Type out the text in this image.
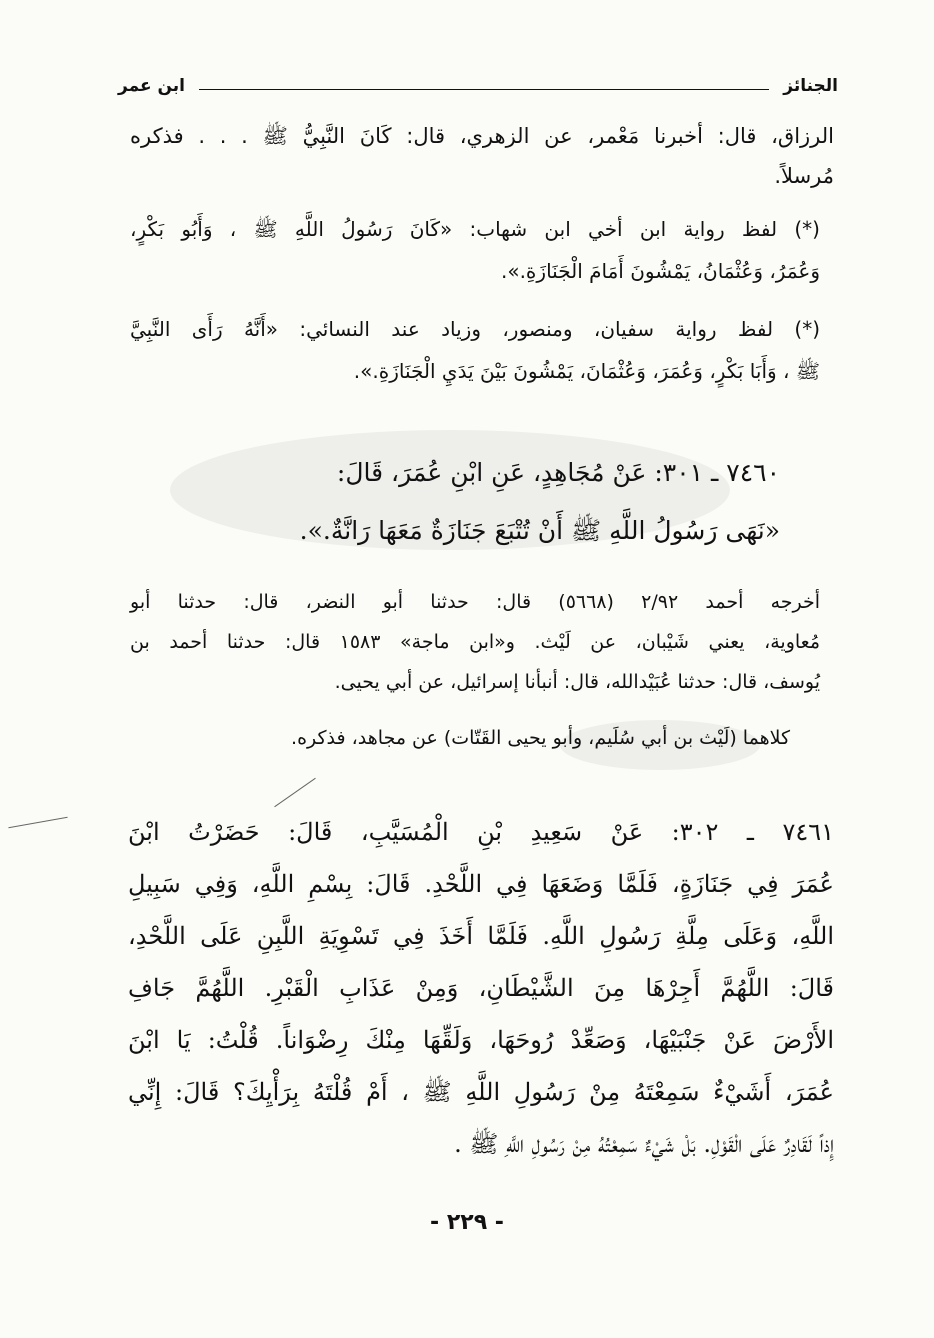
الجنائز
ابن عمر
الرزاق، قال: أخبرنا مَعْمر، عن الزهري، قال: كَانَ النَّبِيُّ ﷺ . . . فذكره
مُرسلاً.
(*) لفظ رواية ابن أخي ابن شهاب: «كَانَ رَسُولُ اللَّهِ ﷺ ، وَأَبُو بَكْرٍ،
وَعُمَرُ، وَعُثْمَانُ، يَمْشُونَ أَمَامَ الْجَنَازَةِ.».
(*) لفظ رواية سفيان، ومنصور، وزياد عند النسائي: «أَنَّهُ رَأَى النَّبِيَّ
ﷺ ، وَأَبَا بَكْرٍ، وَعُمَرَ، وَعُثْمَانَ، يَمْشُونَ بَيْنَ يَدَيِ الْجَنَازَةِ.».
٧٤٦٠ ـ ٣٠١: عَنْ مُجَاهِدٍ، عَنِ ابْنِ عُمَرَ، قَالَ:
«نَهَى رَسُولُ اللَّهِ ﷺ أَنْ تُتْبَعَ جَنَازَةٌ مَعَهَا رَانَّةٌ.».
أخرجه أحمد ٢/٩٢ (٥٦٦٨) قال: حدثنا أبو النضر، قال: حدثنا أبو
مُعاوية، يعني شَيْبان، عن لَيْث. و«ابن ماجة» ١٥٨٣ قال: حدثنا أحمد بن
يُوسف، قال: حدثنا عُبَيْدالله، قال: أنبأنا إسرائيل، عن أبي يحيى.
كلاهما (لَيْث بن أبي سُلَيم، وأبو يحيى القَتّات) عن مجاهد، فذكره.
٧٤٦١ ـ ٣٠٢: عَنْ سَعِيدِ بْنِ الْمُسَيَّبِ، قَالَ: حَضَرْتُ ابْنَ
عُمَرَ فِي جَنَازَةٍ، فَلَمَّا وَضَعَهَا فِي اللَّحْدِ. قَالَ: بِسْمِ اللَّهِ، وَفِي سَبِيلِ
اللَّهِ، وَعَلَى مِلَّةِ رَسُولِ اللَّهِ. فَلَمَّا أَخَذَ فِي تَسْوِيَةِ اللَّبِنِ عَلَى اللَّحْدِ،
قَالَ: اللَّهُمَّ أَجِرْهَا مِنَ الشَّيْطَانِ، وَمِنْ عَذَابِ الْقَبْرِ. اللَّهُمَّ جَافِ
الأَرْضَ عَنْ جَنْبَيْهَا، وَصَعِّدْ رُوحَهَا، وَلَقِّهَا مِنْكَ رِضْوَاناً. قُلْتُ: يَا ابْنَ
عُمَرَ، أَشَيْءٌ سَمِعْتَهُ مِنْ رَسُولِ اللَّهِ ﷺ ، أَمْ قُلْتَهُ بِرَأْيِكَ؟ قَالَ: إِنِّي
إِذاً لَقَادِرٌ عَلَى الْقَوْلِ. بَلْ شَيْءٌ سَمِعْتُهُ مِنْ رَسُولِ اللَّهِ ﷺ .
- ٢٢٩ -
